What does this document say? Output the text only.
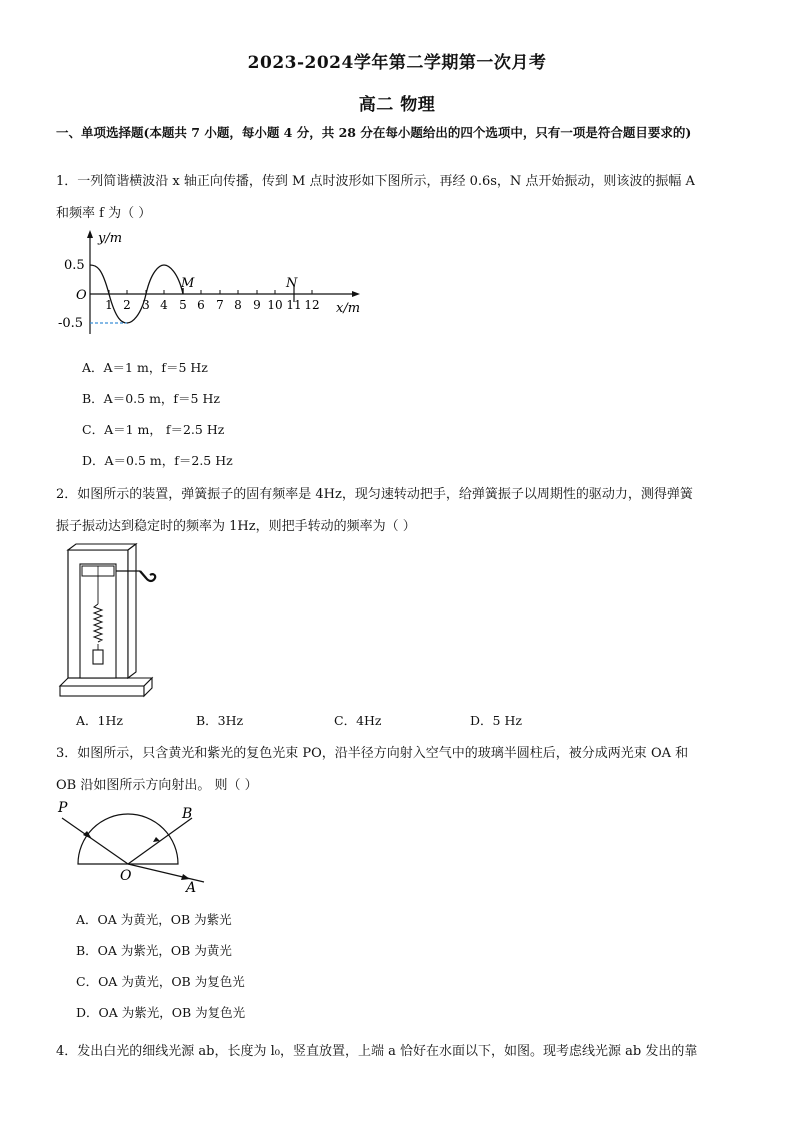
2023-2024学年第二学期第一次月考
高二 物理
一、单项选择题(本题共 7 小题，每小题 4 分，共 28 分在每小题给出的四个选项中，只有一项是符合题目要求的)
1．一列简谐横波沿 x 轴正向传播，传到 M 点时波形如下图所示，再经 0.6s，N 点开始振动，则该波的振幅 A
和频率 f 为（ ）
y/m
x/m
O
0.5
-0.5
M	N
1 2 3 4 5 6 7 8 9 10 11 12
A．A＝1 m，f＝5 Hz
B．A＝0.5 m，f＝5 Hz
C．A＝1 m， f＝2.5 Hz
D．A＝0.5 m，f＝2.5 Hz
2．如图所示的装置，弹簧振子的固有频率是 4Hz，现匀速转动把手，给弹簧振子以周期性的驱动力，测得弹簧
振子振动达到稳定时的频率为 1Hz，则把手转动的频率为（ ）
A．1Hz	B．3Hz	C．4Hz	D．5 Hz
3．如图所示，只含黄光和紫光的复色光束 PO，沿半径方向射入空气中的玻璃半圆柱后，被分成两光束 OA 和
OB 沿如图所示方向射出。 则（ ）
P	B
O
A
A．OA 为黄光，OB 为紫光
B．OA 为紫光，OB 为黄光
C．OA 为黄光，OB 为复色光
D．OA 为紫光，OB 为复色光
4．发出白光的细线光源 ab，长度为 l₀，竖直放置，上端 a 恰好在水面以下，如图。现考虑线光源 ab 发出的靠
